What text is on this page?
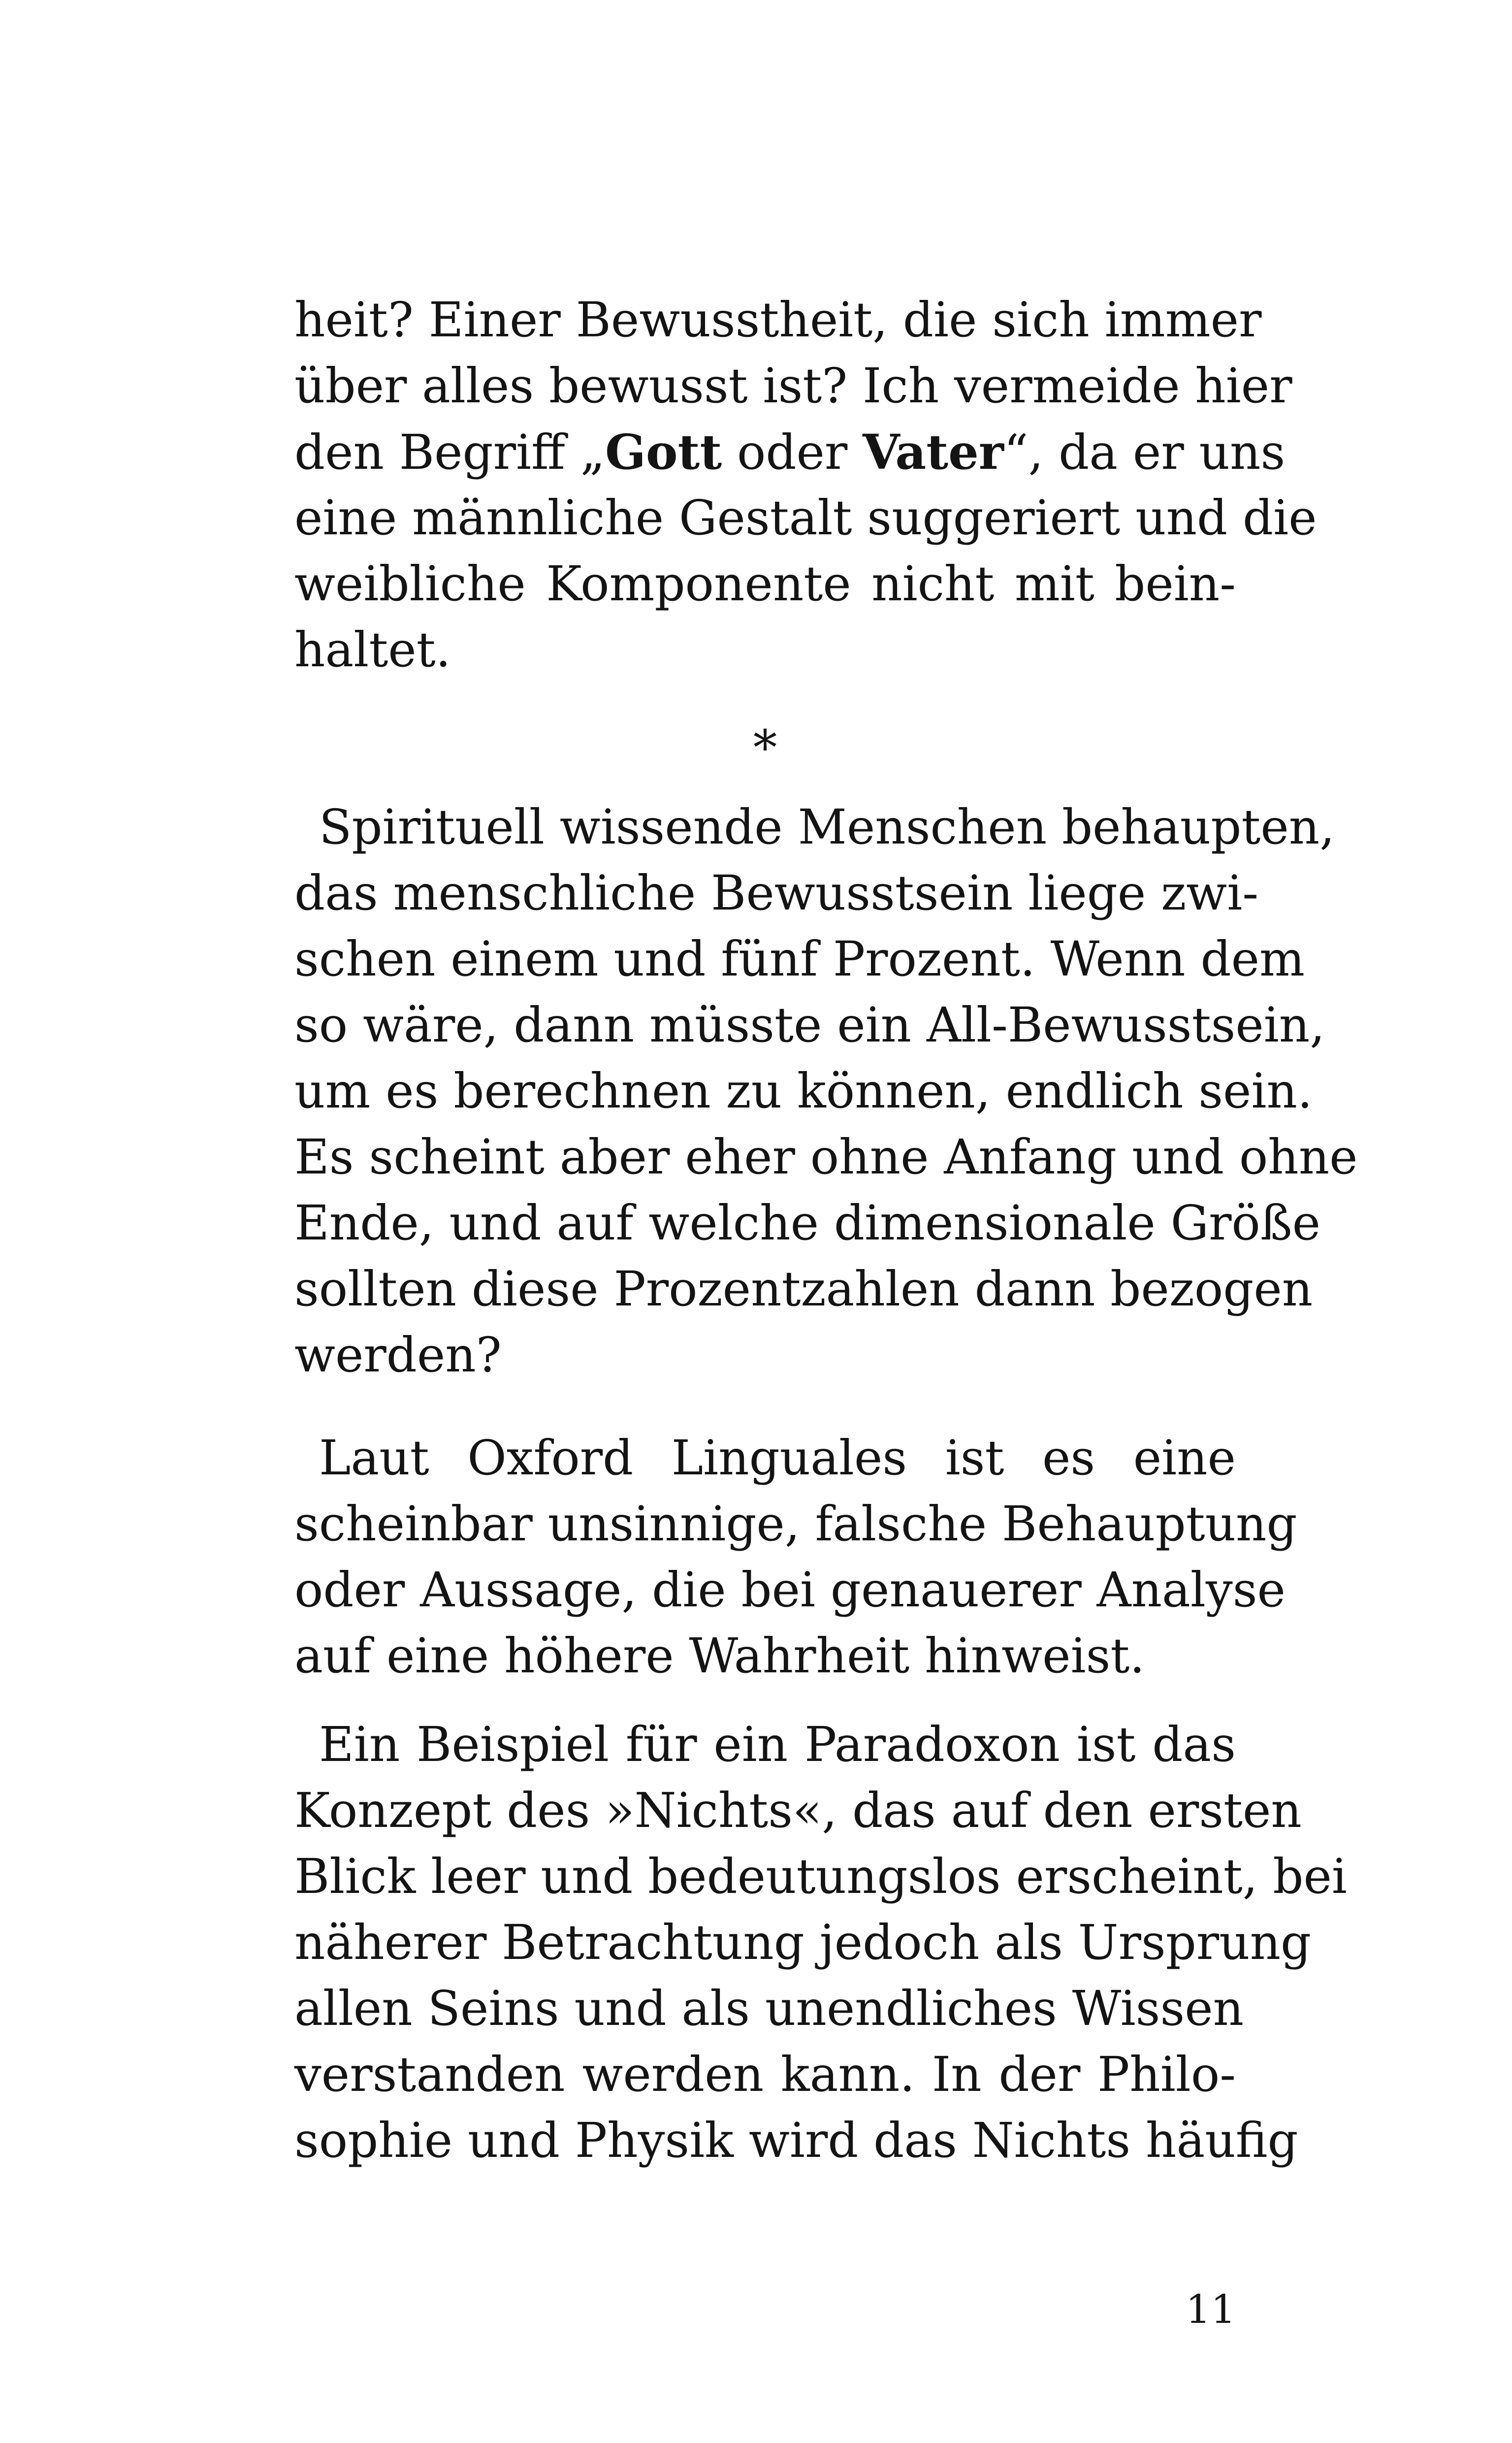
heit? Einer Bewusstheit, die sich immer
über alles bewusst ist? Ich vermeide hier
den Begriff „Gott oder Vater“, da er uns
eine männliche Gestalt suggeriert und die
weibliche Komponente nicht mit bein-
haltet.
*
Spirituell wissende Menschen behaupten,
das menschliche Bewusstsein liege zwi-
schen einem und fünf Prozent. Wenn dem
so wäre, dann müsste ein All-Bewusstsein,
um es berechnen zu können, endlich sein.
Es scheint aber eher ohne Anfang und ohne
Ende, und auf welche dimensionale Größe
sollten diese Prozentzahlen dann bezogen
werden?
Laut Oxford Linguales ist es eine
scheinbar unsinnige, falsche Behauptung
oder Aussage, die bei genauerer Analyse
auf eine höhere Wahrheit hinweist.
Ein Beispiel für ein Paradoxon ist das
Konzept des »Nichts«, das auf den ersten
Blick leer und bedeutungslos erscheint, bei
näherer Betrachtung jedoch als Ursprung
allen Seins und als unendliches Wissen
verstanden werden kann. In der Philo-
sophie und Physik wird das Nichts häufig
11
